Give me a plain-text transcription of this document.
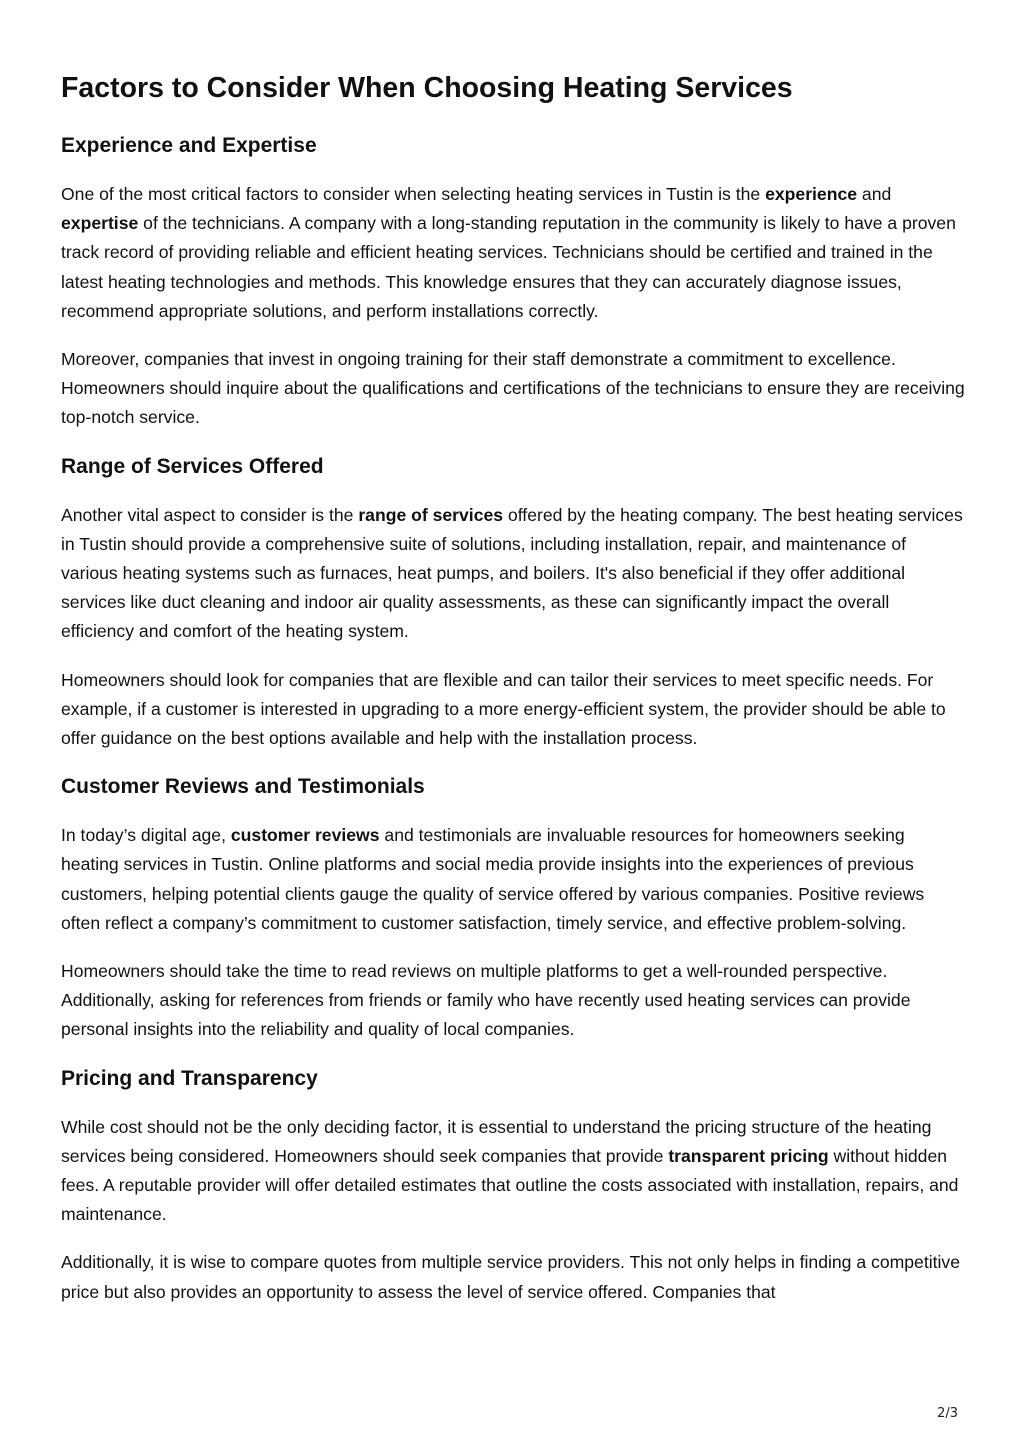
Factors to Consider When Choosing Heating Services
Experience and Expertise

One of the most critical factors to consider when selecting heating services in Tustin is the experience and expertise of the technicians. A company with a long-standing reputation in the community is likely to have a proven track record of providing reliable and efficient heating services. Technicians should be certified and trained in the latest heating technologies and methods. This knowledge ensures that they can accurately diagnose issues, recommend appropriate solutions, and perform installations correctly.

Moreover, companies that invest in ongoing training for their staff demonstrate a commitment to excellence. Homeowners should inquire about the qualifications and certifications of the technicians to ensure they are receiving top-notch service.

Range of Services Offered

Another vital aspect to consider is the range of services offered by the heating company. The best heating services in Tustin should provide a comprehensive suite of solutions, including installation, repair, and maintenance of various heating systems such as furnaces, heat pumps, and boilers. It's also beneficial if they offer additional services like duct cleaning and indoor air quality assessments, as these can significantly impact the overall efficiency and comfort of the heating system.

Homeowners should look for companies that are flexible and can tailor their services to meet specific needs. For example, if a customer is interested in upgrading to a more energy-efficient system, the provider should be able to offer guidance on the best options available and help with the installation process.

Customer Reviews and Testimonials

In today’s digital age, customer reviews and testimonials are invaluable resources for homeowners seeking heating services in Tustin. Online platforms and social media provide insights into the experiences of previous customers, helping potential clients gauge the quality of service offered by various companies. Positive reviews often reflect a company’s commitment to customer satisfaction, timely service, and effective problem-solving.

Homeowners should take the time to read reviews on multiple platforms to get a well-rounded perspective. Additionally, asking for references from friends or family who have recently used heating services can provide personal insights into the reliability and quality of local companies.

Pricing and Transparency

While cost should not be the only deciding factor, it is essential to understand the pricing structure of the heating services being considered. Homeowners should seek companies that provide transparent pricing without hidden fees. A reputable provider will offer detailed estimates that outline the costs associated with installation, repairs, and maintenance.

Additionally, it is wise to compare quotes from multiple service providers. This not only helps in finding a competitive price but also provides an opportunity to assess the level of service offered. Companies that

2/3
